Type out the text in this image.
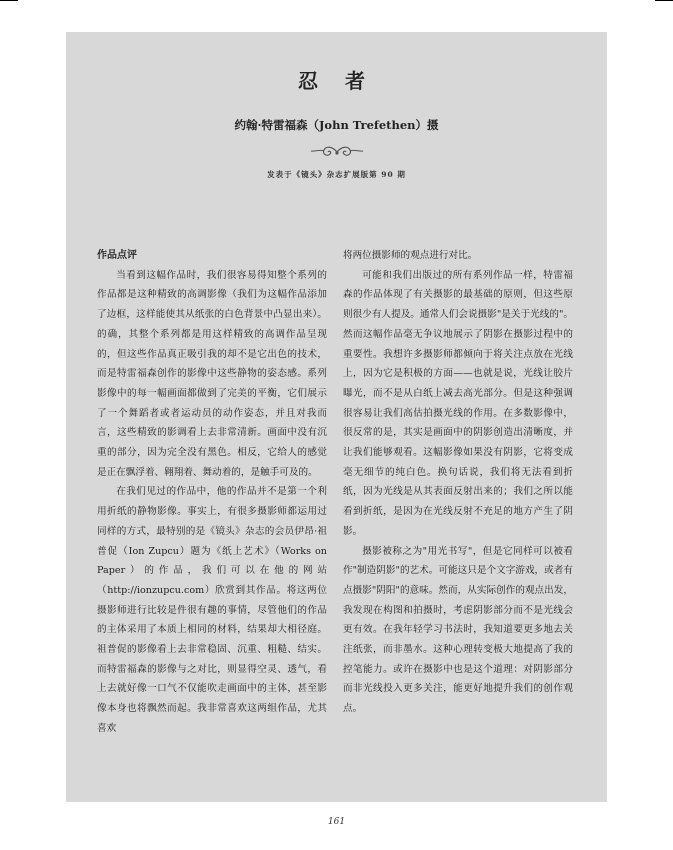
忍 者
约翰·特雷福森（John Trefethen）摄
发表于《镜头》杂志扩展版第 90 期

作品点评

当看到这幅作品时，我们很容易得知整个系列的作品都是这种精致的高调影像（我们为这幅作品添加了边框，这样能使其从纸张的白色背景中凸显出来）。的确，其整个系列都是用这样精致的高调作品呈现的，但这些作品真正吸引我的却不是它出色的技术，而是特雷福森创作的影像中这些静物的姿态感。系列影像中的每一幅画面都做到了完美的平衡，它们展示了一个舞蹈者或者运动员的动作姿态，并且对我而言，这些精致的影调看上去非常清新。画面中没有沉重的部分，因为完全没有黑色。相反，它给人的感觉是正在飘浮着、翱翔着、舞动着的，是触手可及的。

在我们见过的作品中，他的作品并不是第一个利用折纸的静物影像。事实上，有很多摄影师都运用过同样的方式，最特别的是《镜头》杂志的会员伊昂·祖普促（Ion Zupcu）题为《纸上艺术》（Works on Paper）的作品，我们可以在他的网站（http://ionzupcu.com）欣赏到其作品。将这两位摄影师进行比较是件很有趣的事情，尽管他们的作品的主体采用了本质上相同的材料，结果却大相径庭。祖普促的影像看上去非常稳固、沉重、粗糙、结实。而特雷福森的影像与之对比，则显得空灵、透气，看上去就好像一口气不仅能吹走画面中的主体，甚至影像本身也将飘然而起。我非常喜欢这两组作品，尤其喜欢

将两位摄影师的观点进行对比。

可能和我们出版过的所有系列作品一样，特雷福森的作品体现了有关摄影的最基础的原则，但这些原则很少有人提及。通常人们会说摄影"是关于光线的"。然而这幅作品毫无争议地展示了阴影在摄影过程中的重要性。我想许多摄影师都倾向于将关注点放在光线上，因为它是积极的方面——也就是说，光线让胶片曝光，而不是从白纸上减去高光部分。但是这种强调很容易让我们高估拍摄光线的作用。在多数影像中，很反常的是，其实是画面中的阴影创造出清晰度，并让我们能够观看。这幅影像如果没有阴影，它将变成毫无细节的纯白色。换句话说，我们将无法看到折纸，因为光线是从其表面反射出来的；我们之所以能看到折纸，是因为在光线反射不充足的地方产生了阴影。

摄影被称之为"用光书写"，但是它同样可以被看作"制造阴影"的艺术。可能这只是个文字游戏，或者有点摄影"阴阳"的意味。然而，从实际创作的观点出发，我发现在构图和拍摄时，考虑阴影部分而不是光线会更有效。在我年轻学习书法时，我知道要更多地去关注纸张，而非墨水。这种心理转变极大地提高了我的控笔能力。或许在摄影中也是这个道理：对阴影部分而非光线投入更多关注，能更好地提升我们的创作观点。

161
